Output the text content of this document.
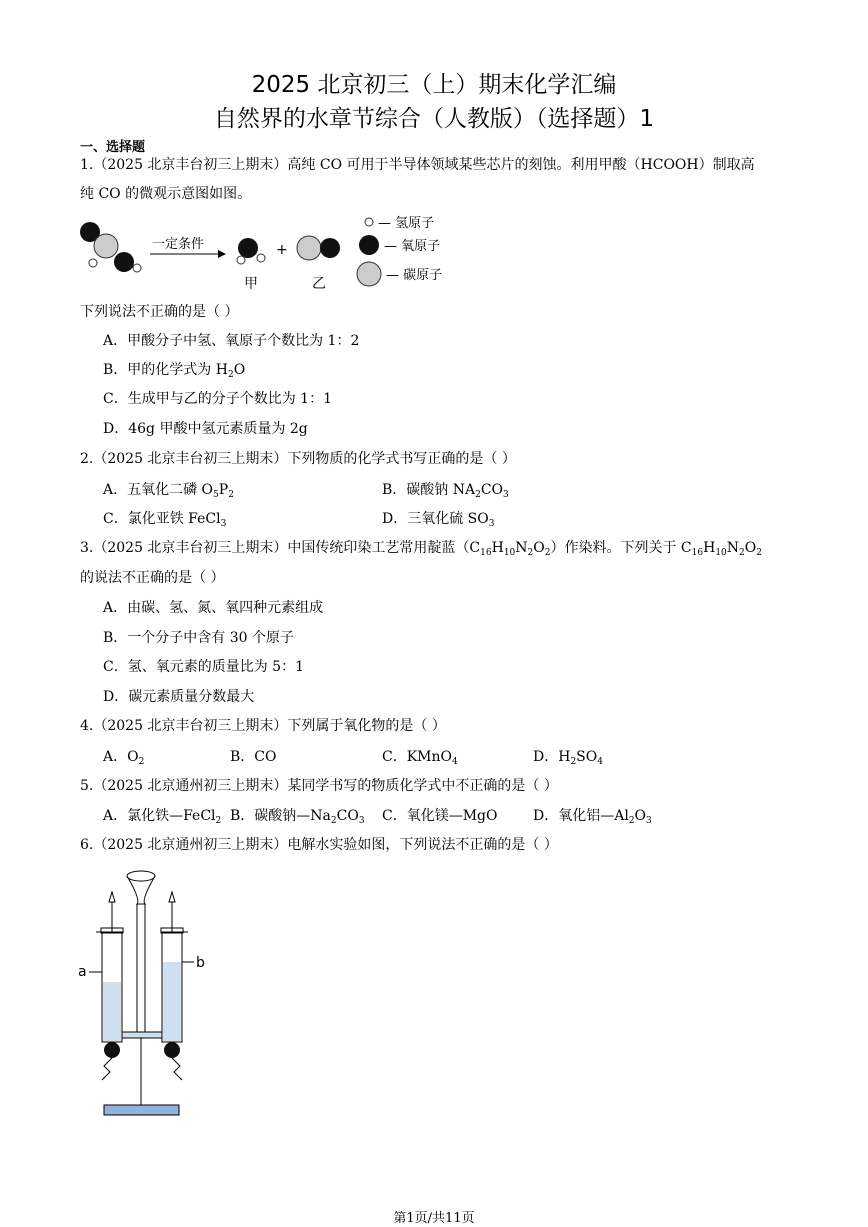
2025 北京初三（上）期末化学汇编
自然界的水章节综合（人教版）（选择题）1
一、选择题
1.（2025 北京丰台初三上期末）高纯 CO 可用于半导体领域某些芯片的刻蚀。利用甲酸（HCOOH）制取高
纯 CO 的微观示意图如图。
一定条件	+
甲	乙
— 氢原子
— 氧原子
— 碳原子
下列说法不正确的是（ ）
A．甲酸分子中氢、氧原子个数比为 1：2
B．甲的化学式为 $H_2O$
C．生成甲与乙的分子个数比为 1：1
D．46g 甲酸中氢元素质量为 2g
2.（2025 北京丰台初三上期末）下列物质的化学式书写正确的是（ ）
A．五氧化二磷 $O_5P_2$	B．碳酸钠 $NA_2CO_3$
C．氯化亚铁 FeCl$_3$	D．三氧化硫 $SO_3$
3.（2025 北京丰台初三上期末）中国传统印染工艺常用靛蓝$(C_{16}H_{10}N_2O_2)$作染料。下列关于 $C_{16}H_{10}N_2O_2$
的说法不正确的是（ ）
A．由碳、氢、氮、氧四种元素组成
B．一个分子中含有 30 个原子
C．氢、氧元素的质量比为 5：1
D．碳元素质量分数最大
4.（2025 北京丰台初三上期末）下列属于氧化物的是（ ）
A．$O_2$	B．CO	C．KMnO$_4$	D．$H_2SO_4$
5.（2025 北京通州初三上期末）某同学书写的物质化学式中不正确的是（ ）
A．氯化铁—FeCl$_2$ B．碳酸钠$—Na_2CO_3$ C．氧化镁—MgO	D．氧化铝$—Al_2O_3$
6.（2025 北京通州初三上期末）电解水实验如图，下列说法不正确的是（ ）
a
b
第1页/共11页
